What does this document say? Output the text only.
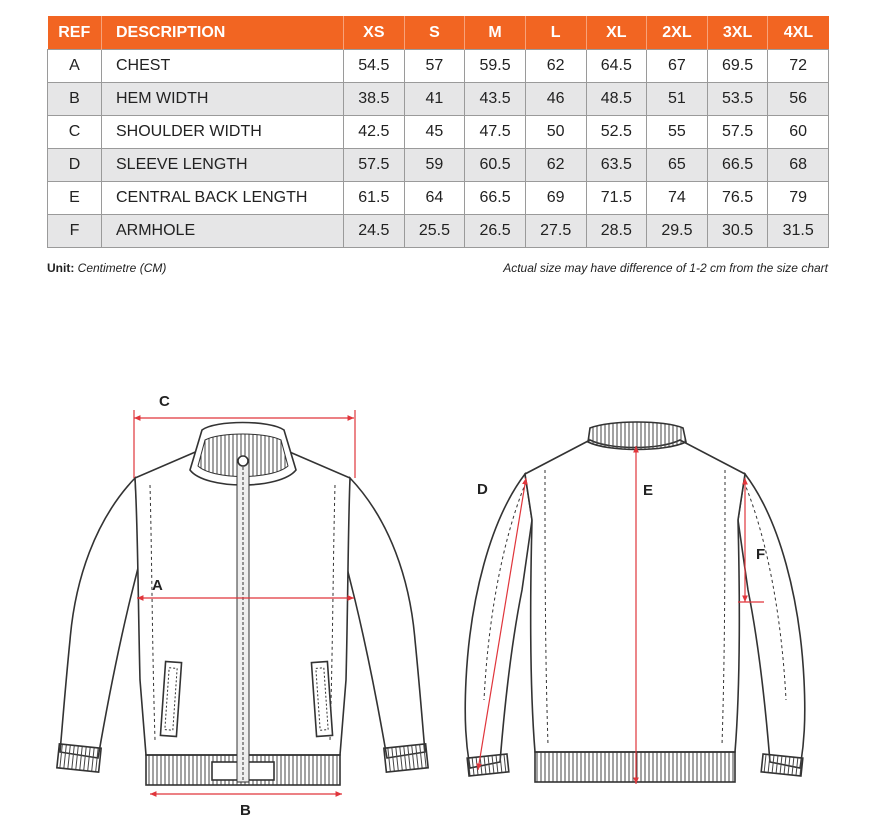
REF	DESCRIPTION	XS	S	M	L	XL	2XL	3XL	4XL
A	CHEST	54.5	57	59.5	62	64.5	67	69.5	72
B	HEM WIDTH	38.5	41	43.5	46	48.5	51	53.5	56
C	SHOULDER WIDTH	42.5	45	47.5	50	52.5	55	57.5	60
D	SLEEVE LENGTH	57.5	59	60.5	62	63.5	65	66.5	68
E	CENTRAL BACK LENGTH	61.5	64	66.5	69	71.5	74	76.5	79
F	ARMHOLE	24.5	25.5	26.5	27.5	28.5	29.5	30.5	31.5
Unit: Centimetre (CM)	Actual size may have difference of 1-2 cm from the size chart
C
A
B
D	E
F
